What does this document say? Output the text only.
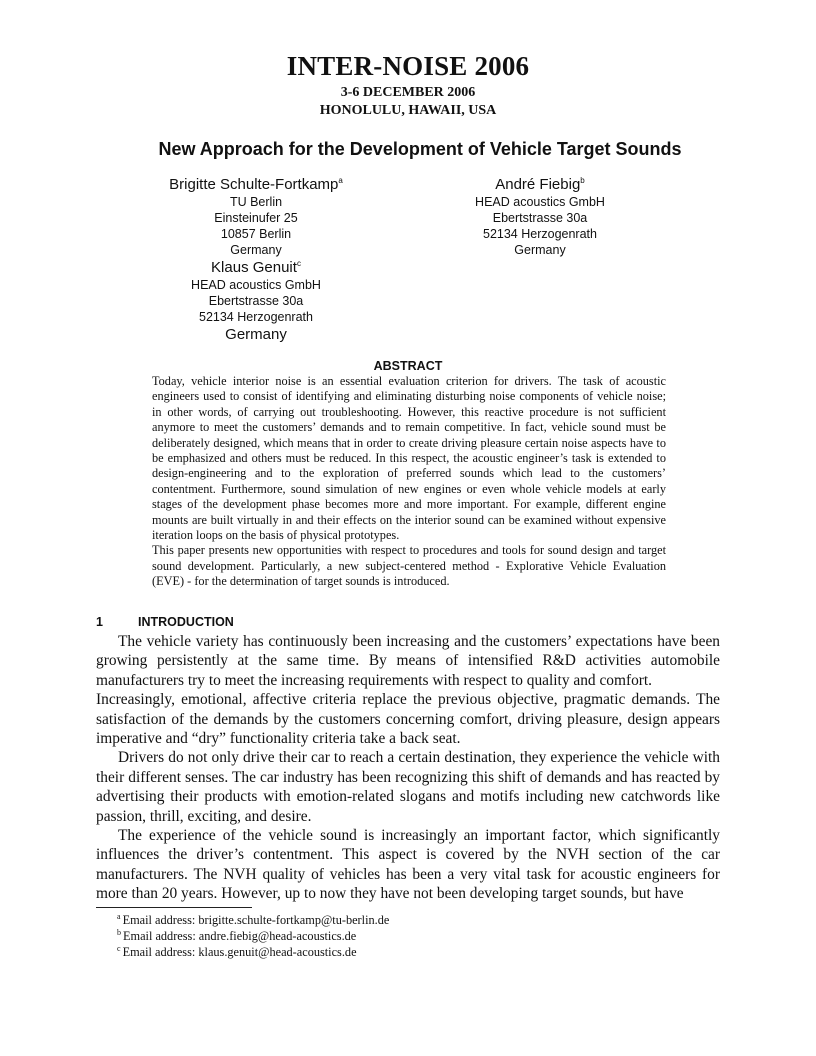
INTER-NOISE 2006
3-6 DECEMBER 2006
HONOLULU, HAWAII, USA
New Approach for the Development of Vehicle Target Sounds
Brigitte Schulte-Fortkamp$^a$
TU Berlin
Einsteinufer 25
10857 Berlin
Germany
André Fiebig$^b$
HEAD acoustics GmbH
Ebertstrasse 30a
52134 Herzogenrath
Germany
Klaus Genuit$^c$
HEAD acoustics GmbH
Ebertstrasse 30a
52134 Herzogenrath
Germany
ABSTRACT

Today, vehicle interior noise is an essential evaluation criterion for drivers. The task of acoustic engineers used to consist of identifying and eliminating disturbing noise components of vehicle noise; in other words, of carrying out troubleshooting. However, this reactive procedure is not sufficient anymore to meet the customers’ demands and to remain competitive. In fact, vehicle sound must be deliberately designed, which means that in order to create driving pleasure certain noise aspects have to be emphasized and others must be reduced. In this respect, the acoustic engineer’s task is extended to design-engineering and to the exploration of preferred sounds which lead to the customers’ contentment. Furthermore, sound simulation of new engines or even whole vehicle models at early stages of the development phase becomes more and more important. For example, different engine mounts are built virtually in and their effects on the interior sound can be examined without expensive iteration loops on the basis of physical prototypes.

This paper presents new opportunities with respect to procedures and tools for sound design and target sound development. Particularly, a new subject-centered method - Explorative Vehicle Evaluation (EVE) - for the determination of target sounds is introduced.

1	INTRODUCTION

The vehicle variety has continuously been increasing and the customers’ expectations have been growing persistently at the same time. By means of intensified R&D activities automobile manufacturers try to meet the increasing requirements with respect to quality and comfort.

Increasingly, emotional, affective criteria replace the previous objective, pragmatic demands. The satisfaction of the demands by the customers concerning comfort, driving pleasure, design appears imperative and “dry” functionality criteria take a back seat.

Drivers do not only drive their car to reach a certain destination, they experience the vehicle with their different senses. The car industry has been recognizing this shift of demands and has reacted by advertising their products with emotion-related slogans and motifs including new catchwords like passion, thrill, exciting, and desire.

The experience of the vehicle sound is increasingly an important factor, which significantly influences the driver’s contentment. This aspect is covered by the NVH section of the car manufacturers. The NVH quality of vehicles has been a very vital task for acoustic engineers for more than 20 years. However, up to now they have not been developing target sounds, but have

$^a$ Email address: brigitte.schulte-fortkamp@tu-berlin.de
$^b$ Email address: andre.fiebig@head-acoustics.de
$^c$ Email address: klaus.genuit@head-acoustics.de
